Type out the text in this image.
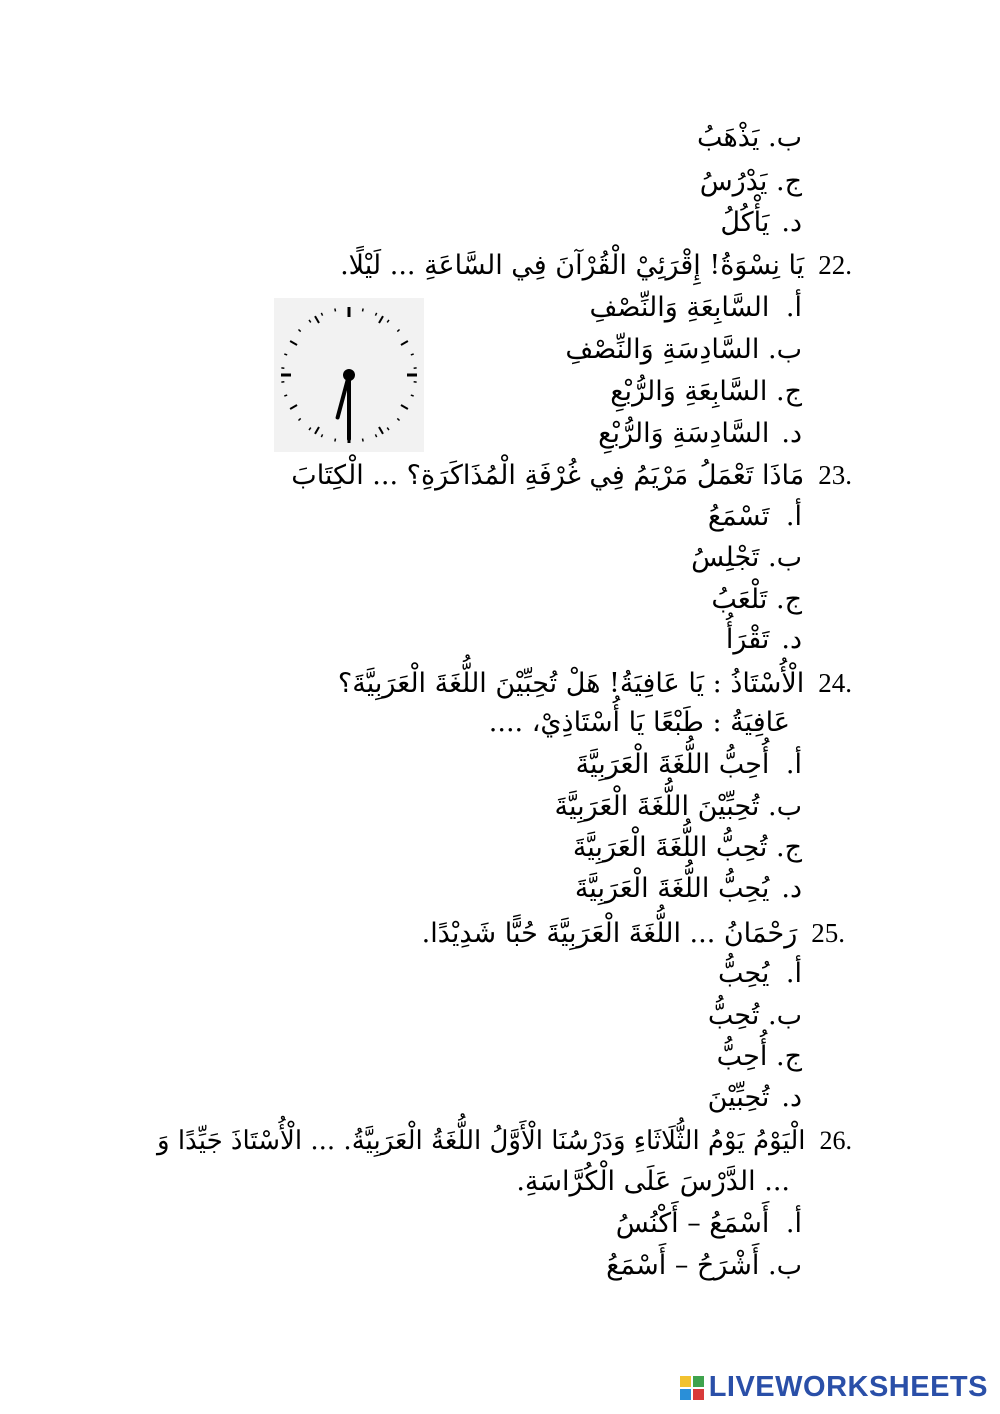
ب. يَذْهَبُ
ج. يَدْرُسُ
د. يَأْكُلُ
22.يَا نِسْوَةُ! إِقْرَئِيْ الْقُرْآنَ فِي السَّاعَةِ ... لَيْلًا.
أ. السَّابِعَةِ وَالنِّصْفِ
ب. السَّادِسَةِ وَالنِّصْفِ
ج. السَّابِعَةِ وَالرُّبْعِ
د. السَّادِسَةِ وَالرُّبْعِ
23.مَاذَا تَعْمَلُ مَرْيَمُ فِي غُرْفَةِ الْمُذَاكَرَةِ؟ ... الْكِتَابَ
أ. تَسْمَعُ
ب. تَجْلِسُ
ج. تَلْعَبُ
د. تَقْرَأُ
24.الْأُسْتَاذُ : يَا عَافِيَةُ! هَلْ تُحِبِّيْنَ اللُّغَةَ الْعَرَبِيَّةَ؟
عَافِيَةُ : طَبْعًا يَا أُسْتَاذِيْ، ....
أ. أُحِبُّ اللُّغَةَ الْعَرَبِيَّةَ
ب. تُحِبِّيْنَ اللُّغَةَ الْعَرَبِيَّةَ
ج. تُحِبُّ اللُّغَةَ الْعَرَبِيَّةَ
د. يُحِبُّ اللُّغَةَ الْعَرَبِيَّةَ
25.رَحْمَانُ ... اللُّغَةَ الْعَرَبِيَّةَ حُبًّا شَدِيْدًا.
أ. يُحِبُّ
ب. تُحِبُّ
ج. أُحِبُّ
د. تُحِبِّيْنَ
26.الْيَوْمُ يَوْمُ الثُّلَاثَاءِ وَدَرْسُنَا الْأَوَّلُ اللُّغَةُ الْعَرَبِيَّةُ. ... الْأُسْتَاذَ جَيِّدًا وَ
... الدَّرْسَ عَلَى الْكُرَّاسَةِ.
أ. أَسْمَعُ – أَكْنُسُ
ب. أَشْرَحُ – أَسْمَعُ
LIVEWORKSHEETS
